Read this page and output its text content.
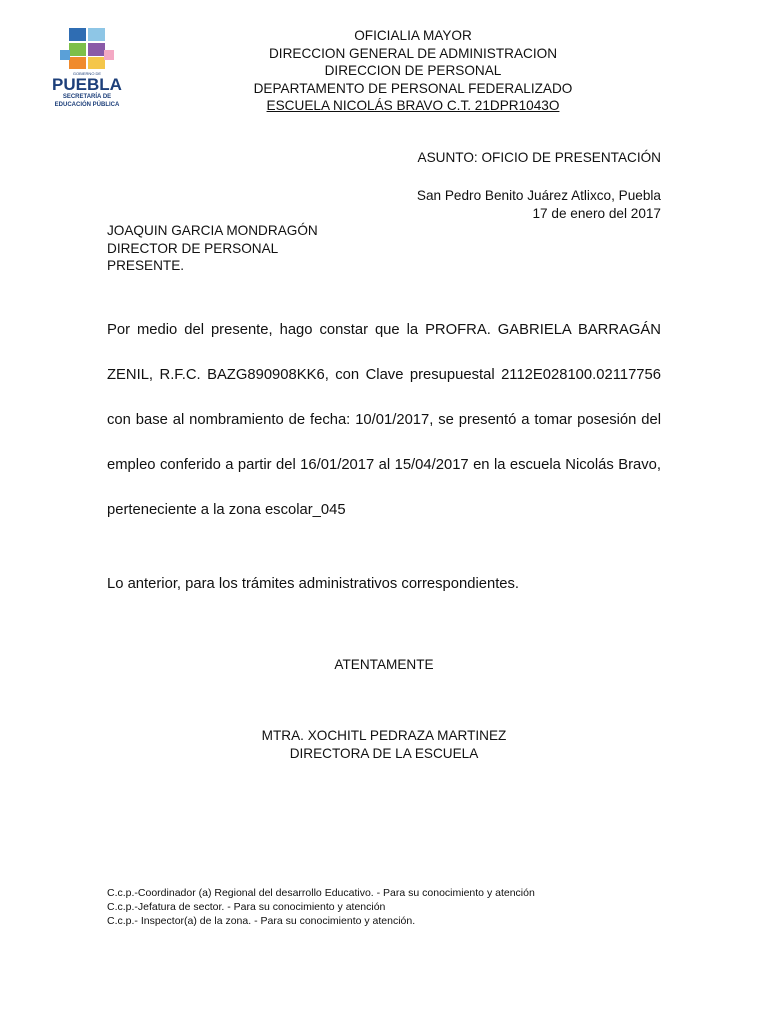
GOBIERNO DE
PUEBLA
SECRETARÍA DE
EDUCACIÓN PÚBLICA
OFICIALIA MAYOR
DIRECCION GENERAL DE ADMINISTRACION
DIRECCION DE PERSONAL
DEPARTAMENTO DE PERSONAL FEDERALIZADO
ESCUELA NICOLÁS BRAVO C.T. 21DPR1043O
ASUNTO: OFICIO DE PRESENTACIÓN
San Pedro Benito Juárez Atlixco, Puebla
17 de enero del 2017
JOAQUIN GARCIA MONDRAGÓN
DIRECTOR DE PERSONAL
PRESENTE.
Por medio del presente, hago constar que la PROFRA. GABRIELA BARRAGÁN ZENIL, R.F.C. BAZG890908KK6, con Clave presupuestal 2112E028100.02117756 con base al nombramiento de fecha: 10/01/2017, se presentó a tomar posesión del empleo conferido a partir del 16/01/2017 al 15/04/2017 en la escuela Nicolás Bravo, perteneciente a la zona escolar_045
Lo anterior, para los trámites administrativos correspondientes.
ATENTAMENTE
MTRA. XOCHITL PEDRAZA MARTINEZ
DIRECTORA DE LA ESCUELA
C.c.p.-Coordinador (a) Regional del desarrollo Educativo. - Para su conocimiento y atención
C.c.p.-Jefatura de sector. - Para su conocimiento y atención
C.c.p.- Inspector(a) de la zona. - Para su conocimiento y atención.
